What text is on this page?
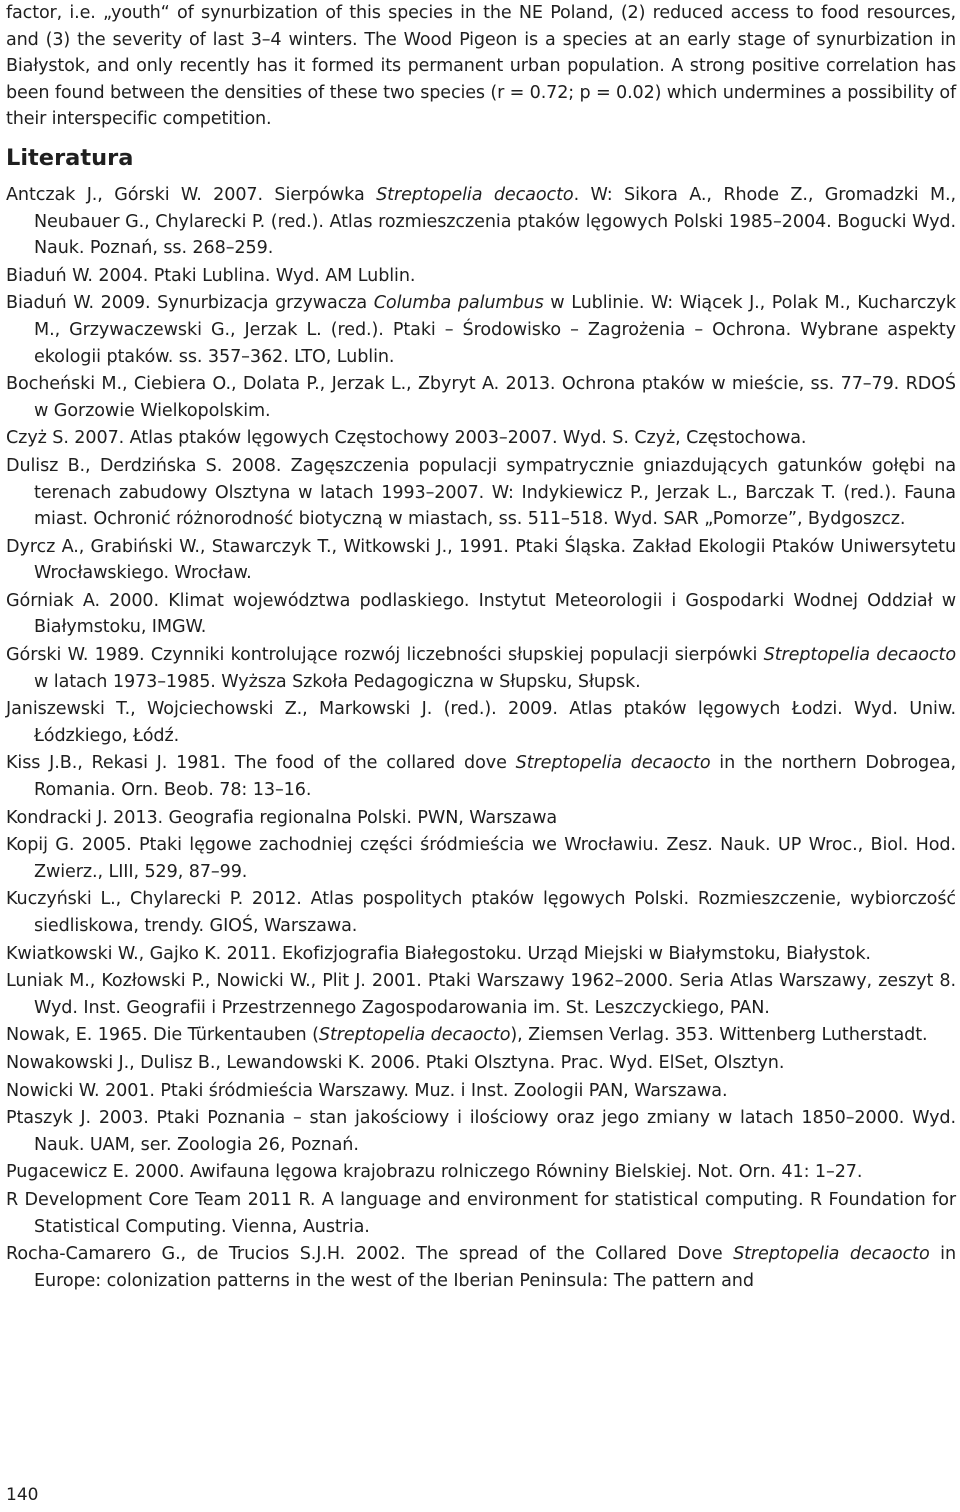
factor, i.e. „youth“ of synurbization of this species in the NE Poland, (2) reduced access to food resources, and (3) the severity of last 3–4 winters. The Wood Pigeon is a species at an early stage of synurbization in Białystok, and only recently has it formed its permanent urban population. A strong positive correlation has been found between the densities of these two species (r = 0.72; p = 0.02) which undermines a possibility of their interspecific competition.

Literatura
Antczak J., Górski W. 2007. Sierpówka Streptopelia decaocto. W: Sikora A., Rhode Z., Gromadzki M., Neubauer G., Chylarecki P. (red.). Atlas rozmieszczenia ptaków lęgowych Polski 1985–2004. Bogucki Wyd. Nauk. Poznań, ss. 268–259.
Biaduń W. 2004. Ptaki Lublina. Wyd. AM Lublin.
Biaduń W. 2009. Synurbizacja grzywacza Columba palumbus w Lublinie. W: Wiącek J., Polak M., Kucharczyk M., Grzywaczewski G., Jerzak L. (red.). Ptaki – Środowisko – Zagrożenia – Ochrona. Wybrane aspekty ekologii ptaków. ss. 357–362. LTO, Lublin.
Bocheński M., Ciebiera O., Dolata P., Jerzak L., Zbyryt A. 2013. Ochrona ptaków w mieście, ss. 77–79. RDOŚ w Gorzowie Wielkopolskim.
Czyż S. 2007. Atlas ptaków lęgowych Częstochowy 2003–2007. Wyd. S. Czyż, Częstochowa.
Dulisz B., Derdzińska S. 2008. Zagęszczenia populacji sympatrycznie gniazdujących gatunków gołębi na terenach zabudowy Olsztyna w latach 1993–2007. W: Indykiewicz P., Jerzak L., Barczak T. (red.). Fauna miast. Ochronić różnorodność biotyczną w miastach, ss. 511–518. Wyd. SAR „Pomorze”, Bydgoszcz.
Dyrcz A., Grabiński W., Stawarczyk T., Witkowski J., 1991. Ptaki Śląska. Zakład Ekologii Ptaków Uniwersytetu Wrocławskiego. Wrocław.
Górniak A. 2000. Klimat województwa podlaskiego. Instytut Meteorologii i Gospodarki Wodnej Oddział w Białymstoku, IMGW.
Górski W. 1989. Czynniki kontrolujące rozwój liczebności słupskiej populacji sierpówki Streptopelia decaocto w latach 1973–1985. Wyższa Szkoła Pedagogiczna w Słupsku, Słupsk.
Janiszewski T., Wojciechowski Z., Markowski J. (red.). 2009. Atlas ptaków lęgowych Łodzi. Wyd. Uniw. Łódzkiego, Łódź.
Kiss J.B., Rekasi J. 1981. The food of the collared dove Streptopelia decaocto in the northern Dobrogea, Romania. Orn. Beob. 78: 13–16.
Kondracki J. 2013. Geografia regionalna Polski. PWN, Warszawa
Kopij G. 2005. Ptaki lęgowe zachodniej części śródmieścia we Wrocławiu. Zesz. Nauk. UP Wroc., Biol. Hod. Zwierz., LIII, 529, 87–99.
Kuczyński L., Chylarecki P. 2012. Atlas pospolitych ptaków lęgowych Polski. Rozmieszczenie, wybiorczość siedliskowa, trendy. GIOŚ, Warszawa.
Kwiatkowski W., Gajko K. 2011. Ekofizjografia Białegostoku. Urząd Miejski w Białymstoku, Białystok.
Luniak M., Kozłowski P., Nowicki W., Plit J. 2001. Ptaki Warszawy 1962–2000. Seria Atlas Warszawy, zeszyt 8. Wyd. Inst. Geografii i Przestrzennego Zagospodarowania im. St. Leszczyckiego, PAN.
Nowak, E. 1965. Die Türkentauben (Streptopelia decaocto), Ziemsen Verlag. 353. Wittenberg Lutherstadt.
Nowakowski J., Dulisz B., Lewandowski K. 2006. Ptaki Olsztyna. Prac. Wyd. ElSet, Olsztyn.
Nowicki W. 2001. Ptaki śródmieścia Warszawy. Muz. i Inst. Zoologii PAN, Warszawa.
Ptaszyk J. 2003. Ptaki Poznania – stan jakościowy i ilościowy oraz jego zmiany w latach 1850–2000. Wyd. Nauk. UAM, ser. Zoologia 26, Poznań.
Pugacewicz E. 2000. Awifauna lęgowa krajobrazu rolniczego Równiny Bielskiej. Not. Orn. 41: 1–27.
R Development Core Team 2011 R. A language and environment for statistical computing. R Foundation for Statistical Computing. Vienna, Austria.
Rocha-Camarero G., de Trucios S.J.H. 2002. The spread of the Collared Dove Streptopelia decaocto in Europe: colonization patterns in the west of the Iberian Peninsula: The pattern and
140
